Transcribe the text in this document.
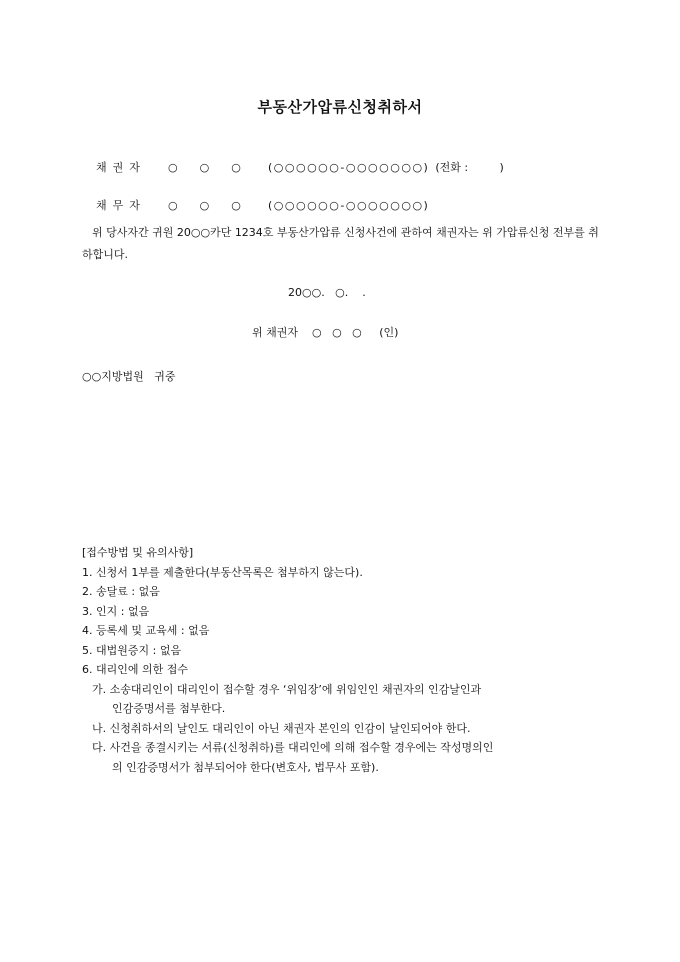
부동산가압류신청취하서

채권자 ○○○ (○○○○○○-○○○○○○○) (전화 :         )

채무자 ○○○ (○○○○○○-○○○○○○○)

위 당사자간 귀원 20○○카단 1234호 부동산가압류 신청사건에 관하여 채권자는 위 가압류신청 전부를 취하합니다.
20○○.   ○.    .
위 채권자    ○   ○   ○     (인)
○○지방법원   귀중
[접수방법 및 유의사항]
1. 신청서 1부를 제출한다(부동산목록은 첨부하지 않는다).
2. 송달료 : 없음
3. 인지 : 없음
4. 등록세 및 교육세 : 없음
5. 대법원증지 : 없음
6. 대리인에 의한 접수
가. 소송대리인이 대리인이 접수할 경우 ‘위임장’에 위임인인 채권자의 인감날인과
인감증명서를 첨부한다.
나. 신청취하서의 날인도 대리인이 아닌 채권자 본인의 인감이 날인되어야 한다.
다. 사건을 종결시키는 서류(신청취하)를 대리인에 의해 접수할 경우에는 작성명의인
의 인감증명서가 첨부되어야 한다(변호사, 법무사 포함).
